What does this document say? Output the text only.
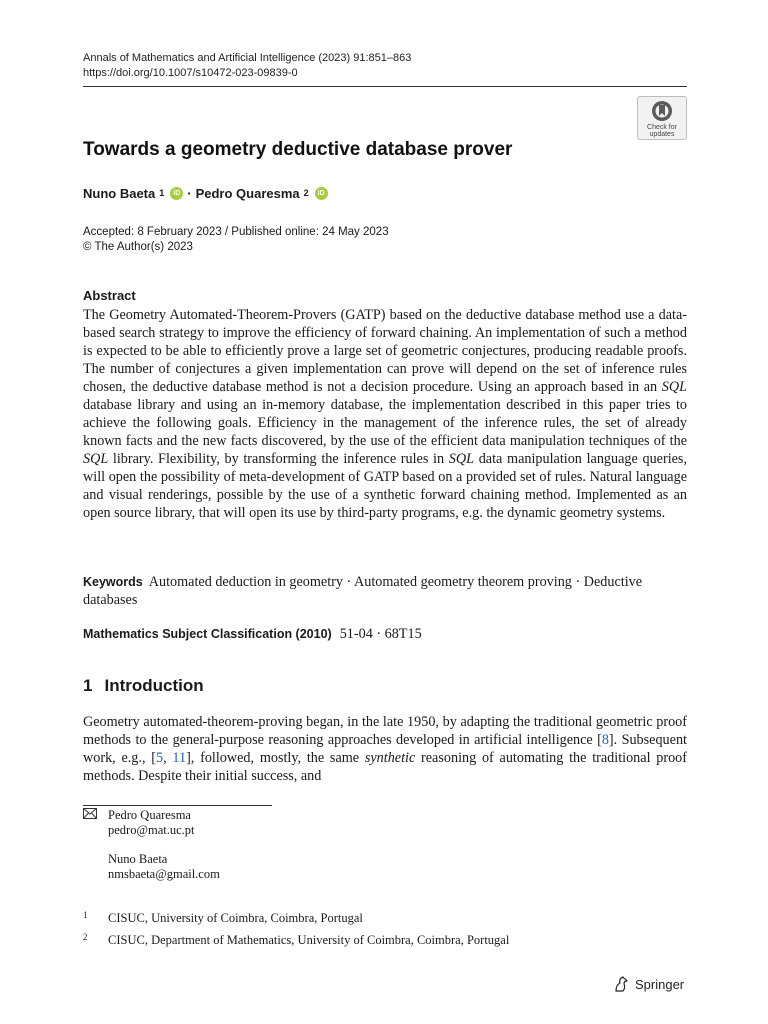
Annals of Mathematics and Artificial Intelligence (2023) 91:851–863
https://doi.org/10.1007/s10472-023-09839-0
Check for
updates
Towards a geometry deductive database prover
Nuno Baeta $^1$	iD · Pedro Quaresma $^2$	iD
Accepted: 8 February 2023 / Published online: 24 May 2023
© The Author(s) 2023
Abstract

The Geometry Automated-Theorem-Provers (GATP) based on the deductive database method use a data-based search strategy to improve the efficiency of forward chaining. An implementation of such a method is expected to be able to efficiently prove a large set of geometric conjectures, producing readable proofs. The number of conjectures a given implementation can prove will depend on the set of inference rules chosen, the deductive database method is not a decision procedure. Using an approach based in an SQL database library and using an in-memory database, the implementation described in this paper tries to achieve the following goals. Efficiency in the management of the inference rules, the set of already known facts and the new facts discovered, by the use of the efficient data manipulation techniques of the SQL library. Flexibility, by transforming the inference rules in SQL data manipulation language queries, will open the possibility of meta-development of GATP based on a provided set of rules. Natural language and visual renderings, possible by the use of a synthetic forward chaining method. Implemented as an open source library, that will open its use by third-party programs, e.g. the dynamic geometry systems.

Keywords Automated deduction in geometry · Automated geometry theorem proving · Deductive databases
Mathematics Subject Classification (2010) 51-04 · 68T15
1 Introduction

Geometry automated-theorem-proving began, in the late 1950, by adapting the traditional geometric proof methods to the general-purpose reasoning approaches developed in artificial intelligence [8]. Subsequent work, e.g., [5, 11], followed, mostly, the same synthetic reasoning of automating the traditional proof methods. Despite their initial success, and

Pedro Quaresma
pedro@mat.uc.pt
Nuno Baeta
nmsbaeta@gmail.com
1	CISUC, University of Coimbra, Coimbra, Portugal
2	CISUC, Department of Mathematics, University of Coimbra, Coimbra, Portugal
Springer
